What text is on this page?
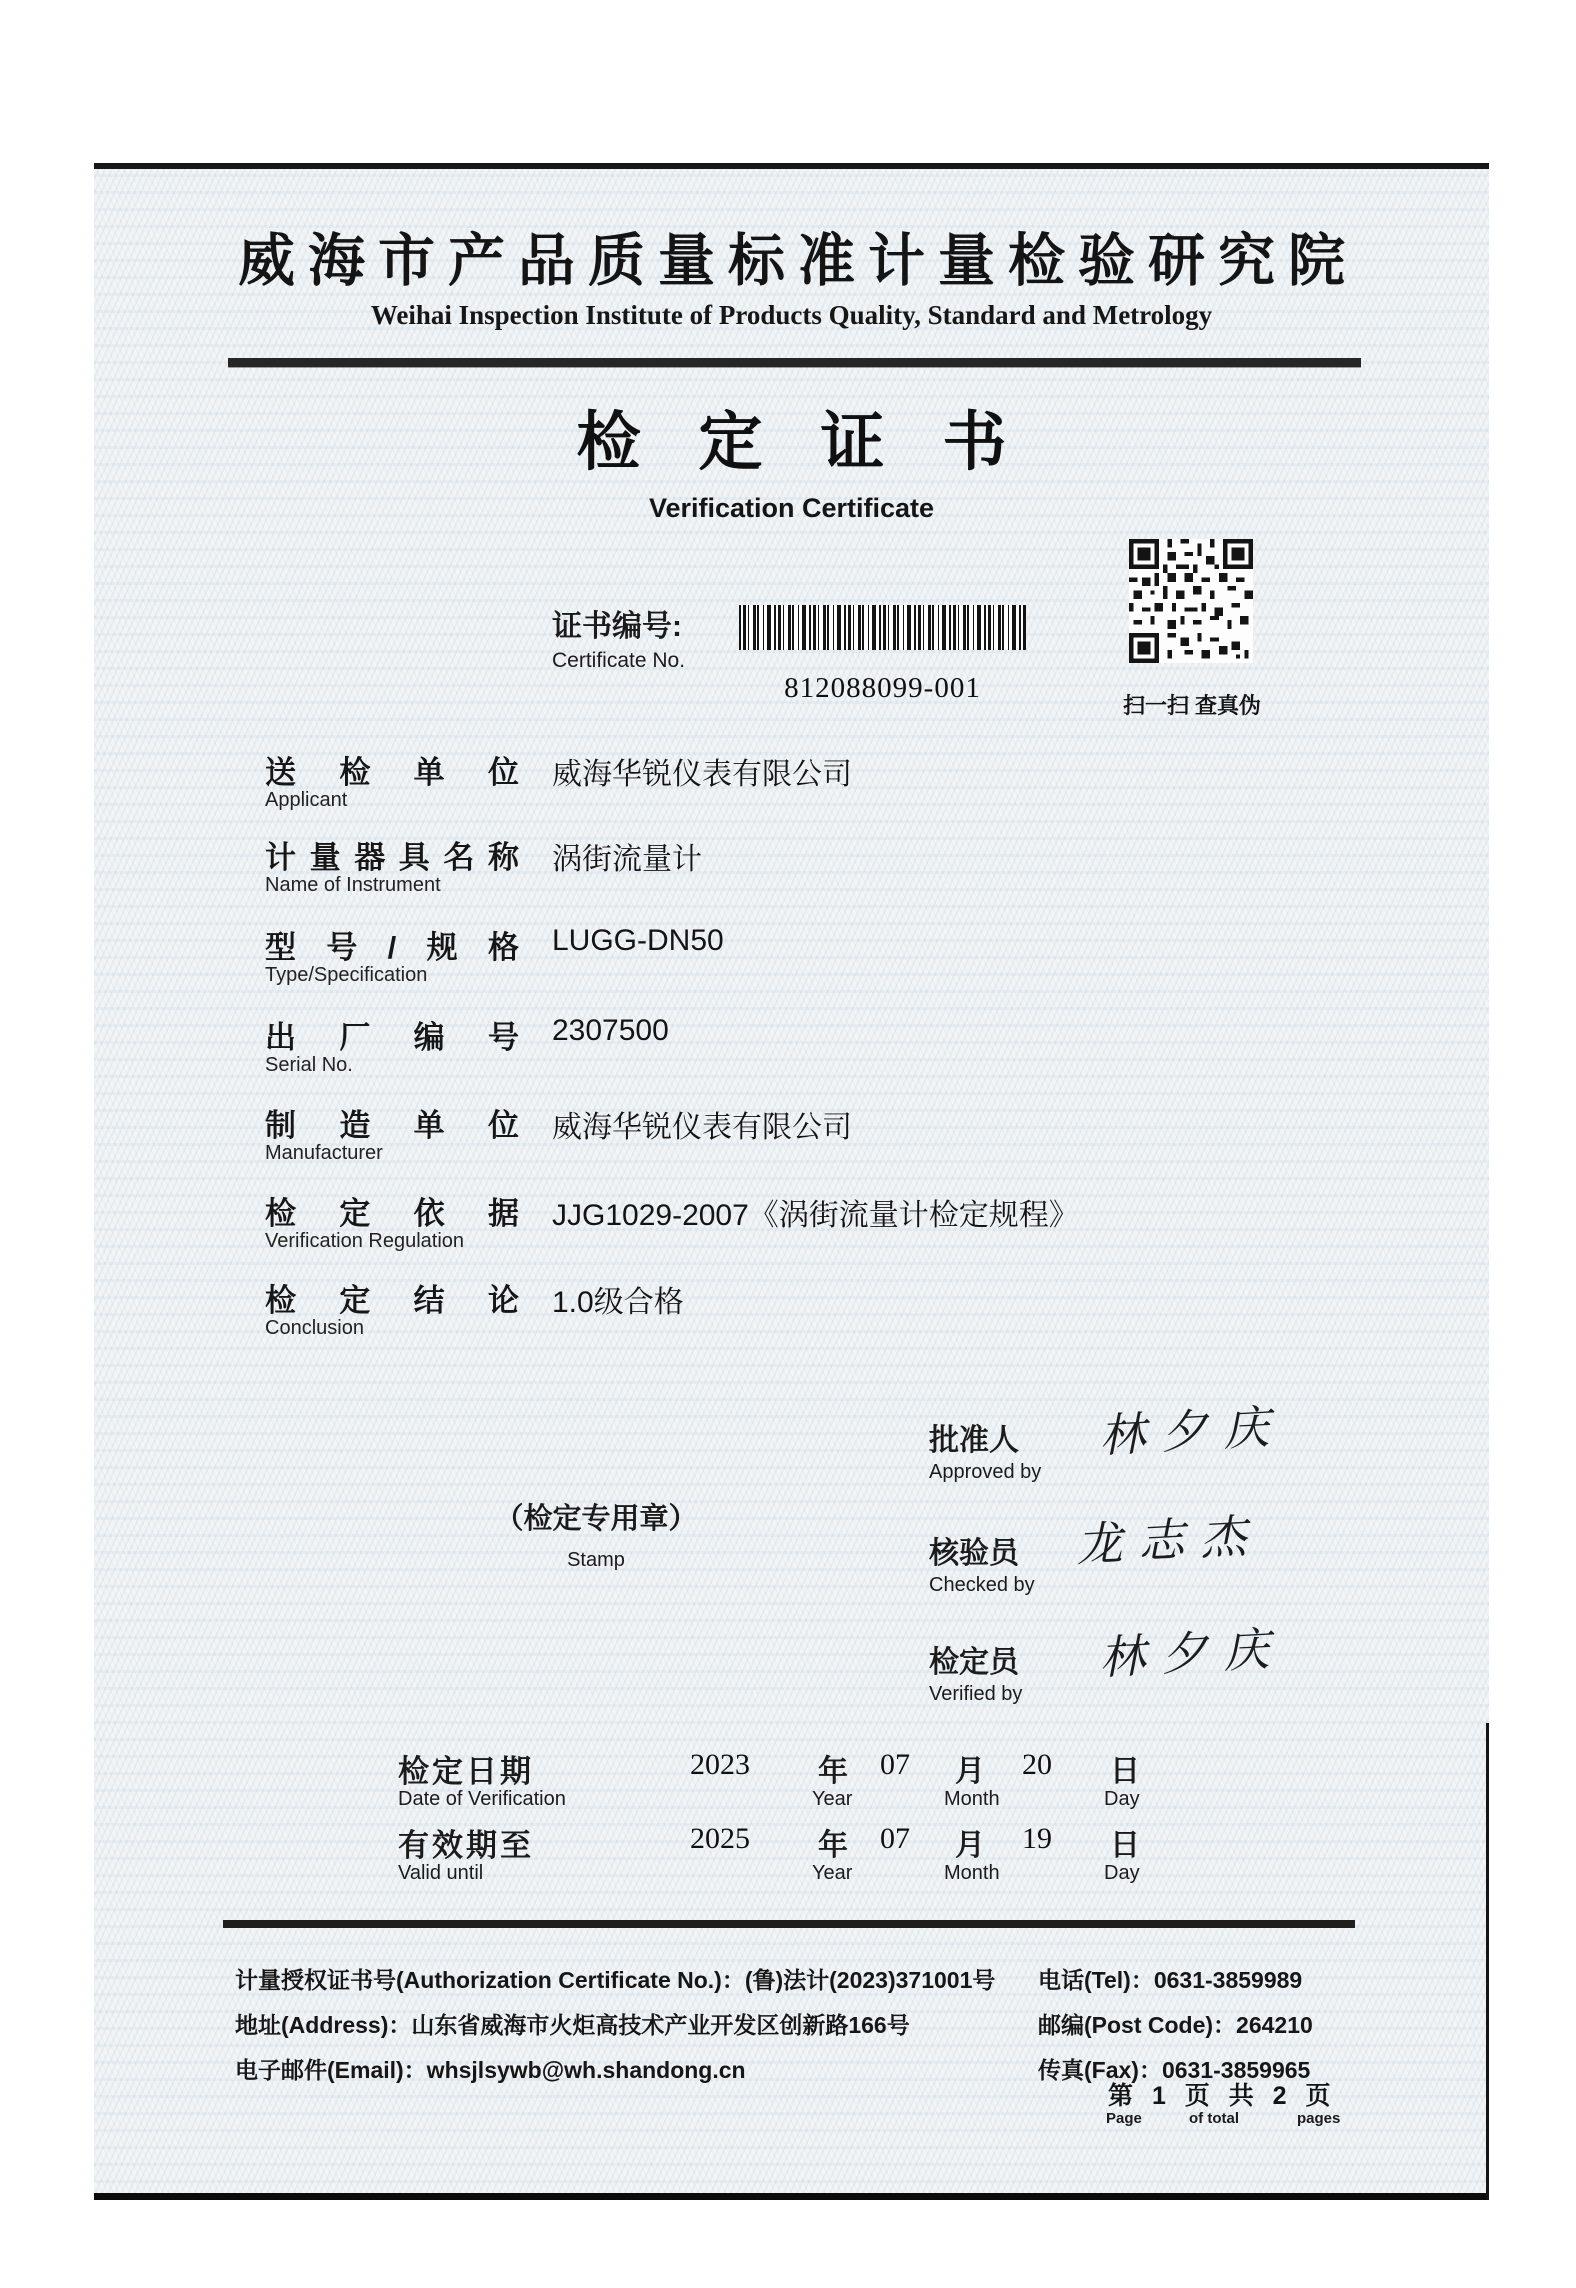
威海市产品质量标准计量检验研究院
Weihai Inspection Institute of Products Quality, Standard and Metrology
检定证书
Verification Certificate
证书编号:
Certificate No.
812088099-001
扫一扫 查真伪
送检单位
Applicant
威海华锐仪表有限公司
计量器具名称
Name of Instrument
涡街流量计
型号/规格
Type/Specification
LUGG-DN50
出厂编号
Serial No.
2307500
制造单位
Manufacturer
威海华锐仪表有限公司
检定依据
Verification Regulation
JJG1029-2007《涡街流量计检定规程》
检定结论
Conclusion
1.0级合格
（检定专用章）
Stamp
批准人
Approved by
林夕庆
核验员
Checked by
龙志杰
检定员
Verified by
林夕庆
检定日期
Date of Verification
2023 年
Year
07 月
Month
20 日
Day
有效期至
Valid until
2025 年
Year
07 月
Month
19 日
Day
计量授权证书号(Authorization Certificate No.)：(鲁)法计(2023)371001号
地址(Address)：山东省威海市火炬高技术产业开发区创新路166号
电子邮件(Email)：whsjlsywb@wh.shandong.cn
电话(Tel)：0631-3859989
邮编(Post Code)：264210
传真(Fax)：0631-3859965
第 1 页 共 2 页
Page	of total	pages
